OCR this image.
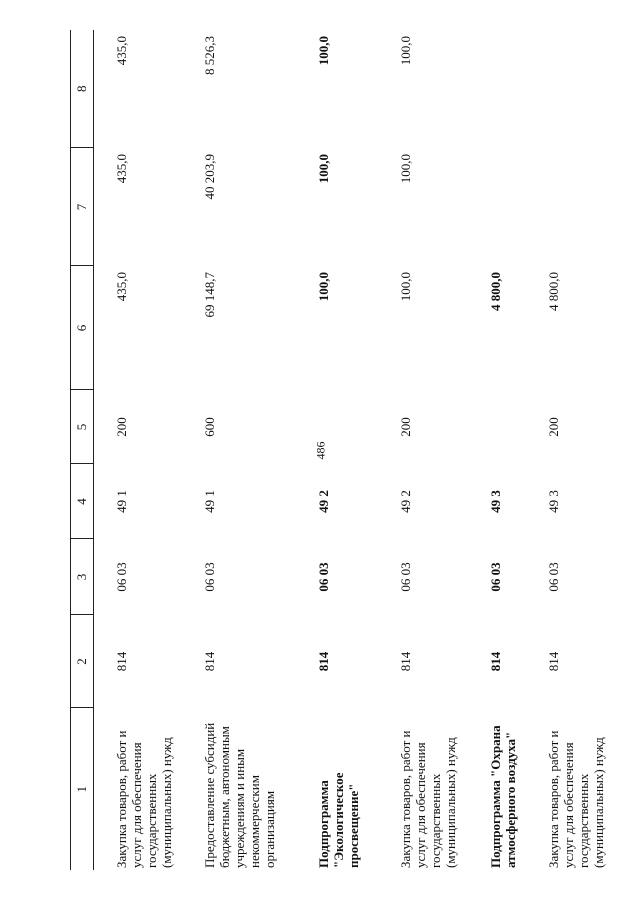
486
1	2	3	4	5	6	7	8
Закупка товаров, работ и услуг для обеспечения государственных (муниципальных) нужд	814	06 03	49 1	200	435,0	435,0	435,0
Предоставление субсидий бюджетным, автономным учреждениям и иным некоммерческим организациям	814	06 03	49 1	600	69 148,7	40 203,9	8 526,3
Подпрограмма "Экологическое просвещение"	814	06 03	49 2		100,0	100,0	100,0
Закупка товаров, работ и услуг для обеспечения государственных (муниципальных) нужд	814	06 03	49 2	200	100,0	100,0	100,0
Подпрограмма "Охрана атмосферного воздуха"	814	06 03	49 3		4 800,0		
Закупка товаров, работ и услуг для обеспечения государственных (муниципальных) нужд	814	06 03	49 3	200	4 800,0		
